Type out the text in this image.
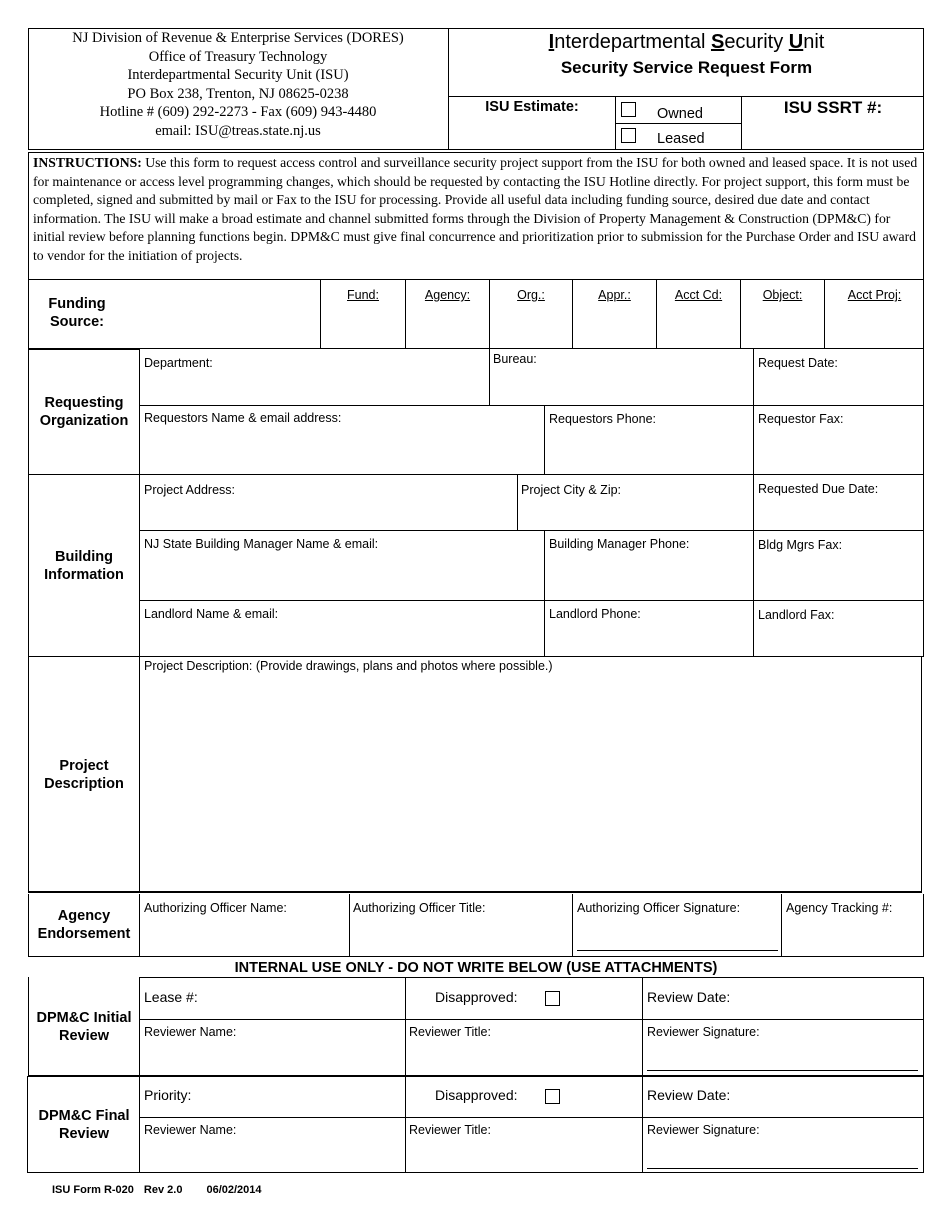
NJ Division of Revenue & Enterprise Services (DORES)
Office of Treasury Technology
Interdepartmental Security Unit (ISU)
PO Box 238, Trenton, NJ 08625-0238
Hotline # (609) 292-2273 - Fax (609) 943-4480
email: ISU@treas.state.nj.us
Interdepartmental Security Unit
Security Service Request Form
ISU Estimate:	Owned
Leased
ISU SSRT #:
INSTRUCTIONS: Use this form to request access control and surveillance security project support from the ISU for both owned and leased space. It is not used for maintenance or access level programming changes, which should be requested by contacting the ISU Hotline directly. For project support, this form must be completed, signed and submitted by mail or Fax to the ISU for processing. Provide all useful data including funding source, desired due date and contact information. The ISU will make a broad estimate and channel submitted forms through the Division of Property Management & Construction (DPM&C) for initial review before planning functions begin. DPM&C must give final concurrence and prioritization prior to submission for the Purchase Order and ISU award to vendor for the initiation of projects.
Funding Source:
Fund:	Agency:	Org.:	Appr.:	Acct Cd:	Object:	Acct Proj:
Requesting Organization
Department:	Bureau:	Request Date:
Requestors Name & email address:	Requestors Phone:	Requestor Fax:
Building Information
Project Address:	Project City & Zip:	Requested Due Date:
NJ State Building Manager Name & email:	Building Manager Phone:	Bldg Mgrs Fax:
Landlord Name & email:	Landlord Phone:	Landlord Fax:
Project Description
Project Description: (Provide drawings, plans and photos where possible.)
Agency Endorsement
Authorizing Officer Name:	Authorizing Officer Title:	Authorizing Officer Signature:	Agency Tracking #:
INTERNAL USE ONLY - DO NOT WRITE BELOW (USE ATTACHMENTS)
DPM&C Initial Review
Lease #:	Disapproved:	Review Date:
Reviewer Name:	Reviewer Title:	Reviewer Signature:
DPM&C Final Review
Priority:	Disapproved:	Review Date:
Reviewer Name:	Reviewer Title:	Reviewer Signature:
ISU Form R-020 Rev 2.0 06/02/2014
